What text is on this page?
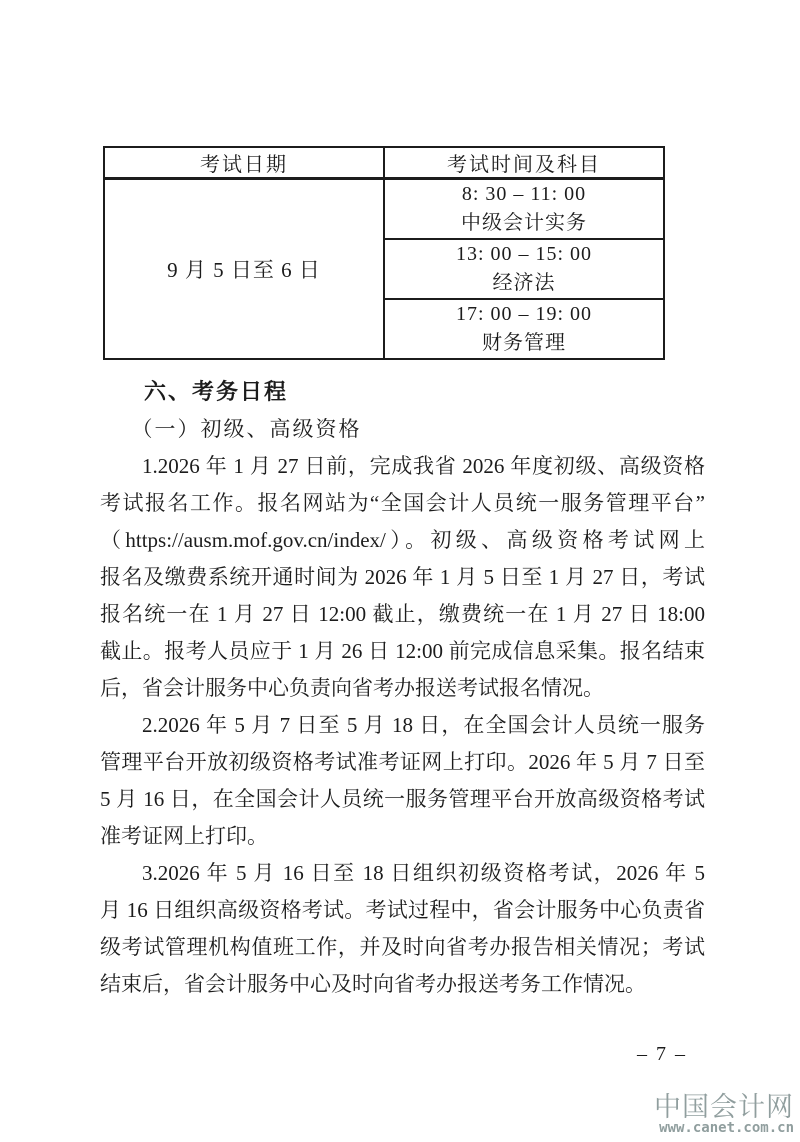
考试日期	考试时间及科目
9 月 5 日至 6 日	8: 30 – 11: 00
中级会计实务

	13: 00 – 15: 00
经济法

	17: 00 – 19: 00
财务管理
六、考务日程
（一）初级、高级资格
1.2026 年 1 月 27 日前，完成我省 2026 年度初级、高级资格
考试报名工作。报名网站为“全国会计人员统一服务管理平台”
（https://ausm.mof.gov.cn/index/）。初级、高级资格考试网上
报名及缴费系统开通时间为 2026 年 1 月 5 日至 1 月 27 日，考试
报名统一在 1 月 27 日 12:00 截止，缴费统一在 1 月 27 日 18:00
截止。报考人员应于 1 月 26 日 12:00 前完成信息采集。报名结束
后，省会计服务中心负责向省考办报送考试报名情况。
2.2026 年 5 月 7 日至 5 月 18 日，在全国会计人员统一服务
管理平台开放初级资格考试准考证网上打印。2026 年 5 月 7 日至
5 月 16 日，在全国会计人员统一服务管理平台开放高级资格考试
准考证网上打印。
3.2026 年 5 月 16 日至 18 日组织初级资格考试，2026 年 5
月 16 日组织高级资格考试。考试过程中，省会计服务中心负责省
级考试管理机构值班工作，并及时向省考办报告相关情况；考试
结束后，省会计服务中心及时向省考办报送考务工作情况。
– 7 –
中国会计网
www.canet.com.cn
